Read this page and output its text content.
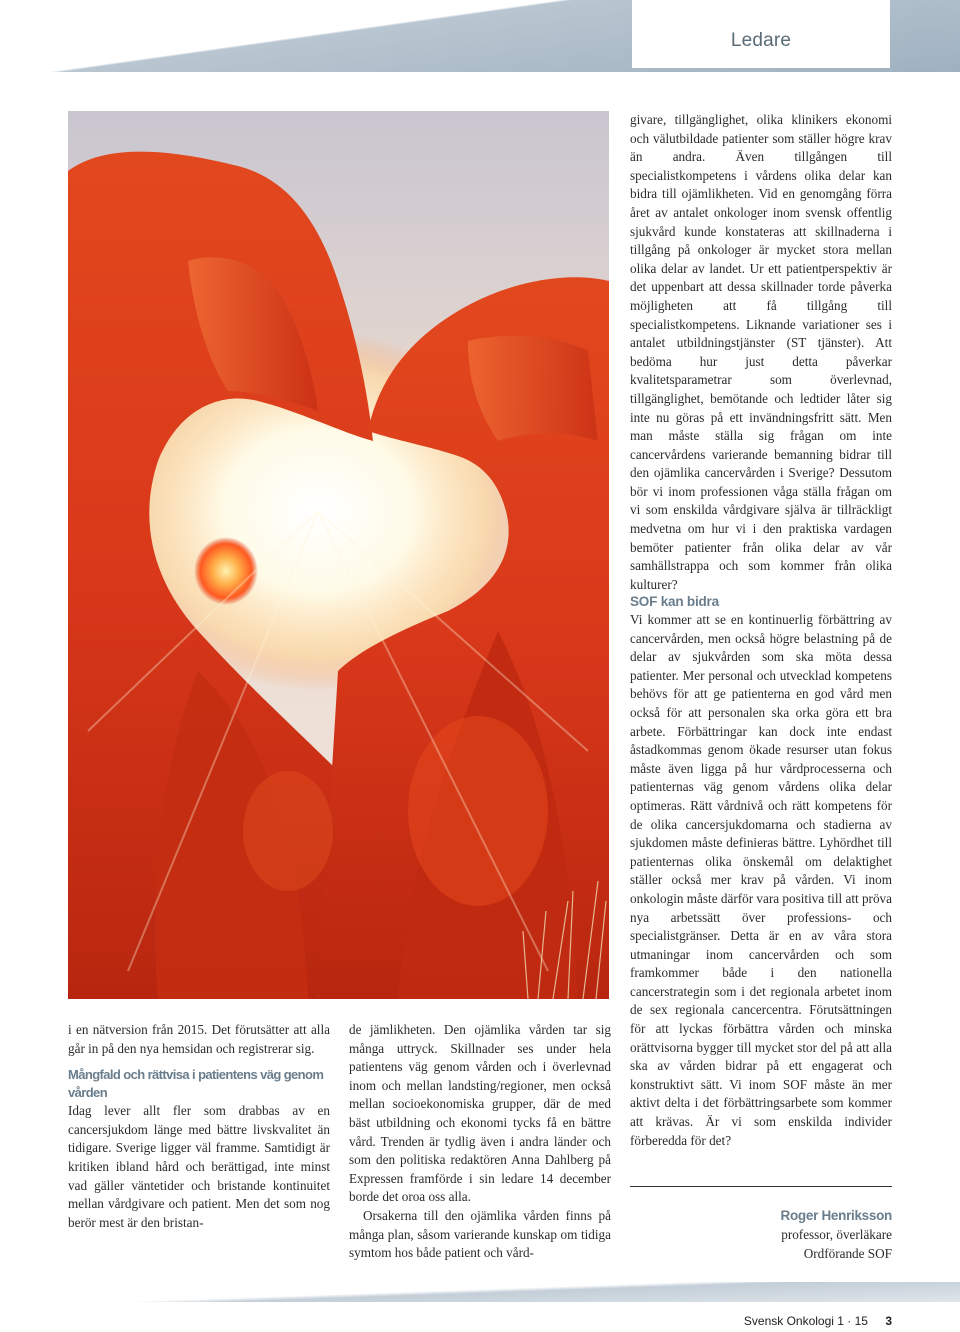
Ledare

givare, tillgänglighet, olika klinikers ekonomi och välutbildade patienter som ställer högre krav än andra. Även tillgången till specialistkompetens i vårdens olika delar kan bidra till ojämlikheten. Vid en genomgång förra året av antalet onkologer inom svensk offentlig sjukvård kunde konstateras att skillnaderna i tillgång på onkologer är mycket stora mellan olika delar av landet. Ur ett patientperspektiv är det uppenbart att dessa skillnader torde påverka möjligheten att få tillgång till specialistkompetens. Liknande variationer ses i antalet utbildningstjänster (ST tjänster). Att bedöma hur just detta påverkar kvalitetsparametrar som överlevnad, tillgänglighet, bemötande och ledtider låter sig inte nu göras på ett invändningsfritt sätt. Men man måste ställa sig frågan om inte cancervårdens varierande bemanning bidrar till den ojämlika cancervården i Sverige? Dessutom bör vi inom professionen våga ställa frågan om vi som enskilda vårdgivare själva är tillräckligt medvetna om hur vi i den praktiska vardagen bemöter patienter från olika delar av vår samhällstrappa och som kommer från olika kulturer?

SOF kan bidra

Vi kommer att se en kontinuerlig förbättring av cancervården, men också högre belastning på de delar av sjukvården som ska möta dessa patienter. Mer personal och utvecklad kompetens behövs för att ge patienterna en god vård men också för att personalen ska orka göra ett bra arbete. Förbättringar kan dock inte endast åstadkommas genom ökade resurser utan fokus måste även ligga på hur vårdprocesserna och patienternas väg genom vårdens olika delar optimeras. Rätt vårdnivå och rätt kompetens för de olika cancersjukdomarna och stadierna av sjukdomen måste definieras bättre. Lyhördhet till patienternas olika önskemål om delaktighet ställer också mer krav på vården. Vi inom onkologin måste därför vara positiva till att pröva nya arbetssätt över professions- och specialistgränser. Detta är en av våra stora utmaningar inom cancervården och som framkommer både i den nationella cancerstrategin som i det regionala arbetet inom de sex regionala cancercentra. Förutsättningen för att lyckas förbättra vården och minska orättvisorna bygger till mycket stor del på att alla ska av vården bidrar på ett engagerat och konstruktivt sätt. Vi inom SOF måste än mer aktivt delta i det förbättringsarbete som kommer att krävas. Är vi som enskilda individer förberedda för det?

i en nätversion från 2015. Det förutsätter att alla går in på den nya hemsidan och registrerar sig.

Mångfald och rättvisa i patientens väg genom vården

Idag lever allt fler som drabbas av en cancersjukdom länge med bättre livskvalitet än tidigare. Sverige ligger väl framme. Samtidigt är kritiken ibland hård och berättigad, inte minst vad gäller väntetider och bristande kontinuitet mellan vårdgivare och patient. Men det som nog berör mest är den bristan-

de jämlikheten. Den ojämlika vården tar sig många uttryck. Skillnader ses under hela patientens väg genom vården och i överlevnad inom och mellan landsting/regioner, men också mellan socioekonomiska grupper, där de med bäst utbildning och ekonomi tycks få en bättre vård. Trenden är tydlig även i andra länder och som den politiska redaktören Anna Dahlberg på Expressen framförde i sin ledare 14 december borde det oroa oss alla.

Orsakerna till den ojämlika vården finns på många plan, såsom varierande kunskap om tidiga symtom hos både patient och vård-

Roger Henriksson
professor, överläkare
Ordförande SOF
Svensk Onkologi 1 · 15 3
